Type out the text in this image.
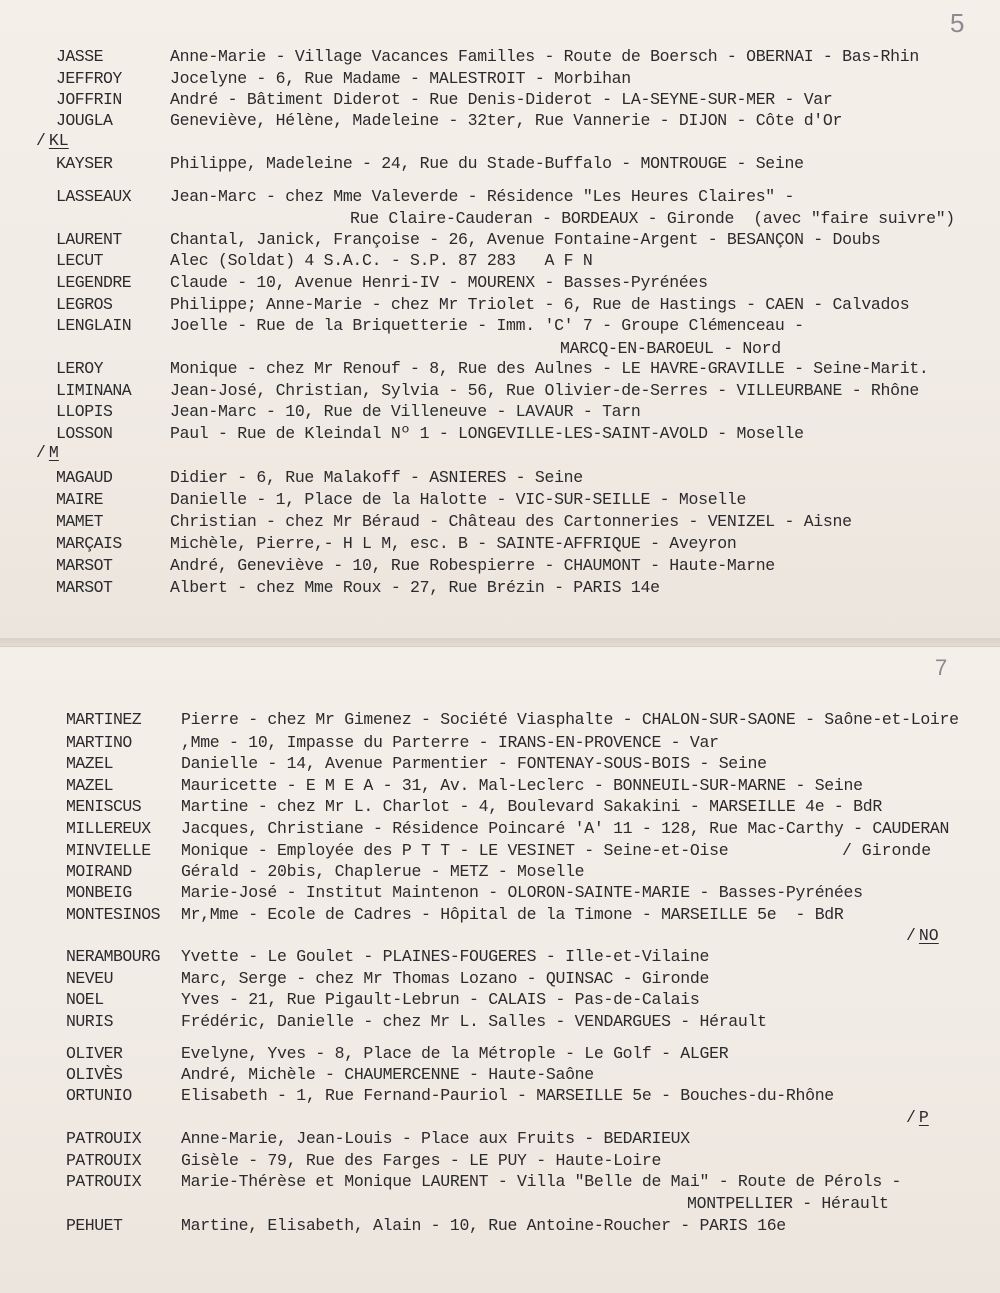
5
/ KL
/ M
JASSE	Anne-Marie - Village Vacances Familles - Route de Boersch - OBERNAI - Bas-Rhin
JEFFROY	Jocelyne - 6, Rue Madame - MALESTROIT - Morbihan
JOFFRIN	André - Bâtiment Diderot - Rue Denis-Diderot - LA-SEYNE-SUR-MER - Var
JOUGLA	Geneviève, Hélène, Madeleine - 32ter, Rue Vannerie - DIJON - Côte d'Or
KAYSER	Philippe, Madeleine - 24, Rue du Stade-Buffalo - MONTROUGE - Seine
LASSEAUX Jean-Marc - chez Mme Valeverde - Résidence "Les Heures Claires" -
Rue Claire-Cauderan - BORDEAUX - Gironde  (avec "faire suivre")
LAURENT	Chantal, Janick, Françoise - 26, Avenue Fontaine-Argent - BESANÇON - Doubs
LECUT	Alec (Soldat) 4 S.A.C. - S.P. 87 283   A F N
LEGENDRE Claude - 10, Avenue Henri-IV - MOURENX - Basses-Pyrénées
LEGROS	Philippe; Anne-Marie - chez Mr Triolet - 6, Rue de Hastings - CAEN - Calvados
LENGLAIN Joelle - Rue de la Briquetterie - Imm. 'C' 7 - Groupe Clémenceau -
MARCQ-EN-BAROEUL - Nord
LEROY	Monique - chez Mr Renouf - 8, Rue des Aulnes - LE HAVRE-GRAVILLE - Seine-Marit.
LIMINANA Jean-José, Christian, Sylvia - 56, Rue Olivier-de-Serres - VILLEURBANE - Rhône
LLOPIS	Jean-Marc - 10, Rue de Villeneuve - LAVAUR - Tarn
LOSSON	Paul - Rue de Kleindal Nº 1 - LONGEVILLE-LES-SAINT-AVOLD - Moselle
MAGAUD	Didier - 6, Rue Malakoff - ASNIERES - Seine
MAIRE	Danielle - 1, Place de la Halotte - VIC-SUR-SEILLE - Moselle
MAMET	Christian - chez Mr Béraud - Château des Cartonneries - VENIZEL - Aisne
MARÇAIS	Michèle, Pierre,- H L M, esc. B - SAINTE-AFFRIQUE - Aveyron
MARSOT	André, Geneviève - 10, Rue Robespierre - CHAUMONT - Haute-Marne
MARSOT	Albert - chez Mme Roux - 27, Rue Brézin - PARIS 14e
7
/ NO
/ P
/ Gironde
MARTINEZ Pierre - chez Mr Gimenez - Société Viasphalte - CHALON-SUR-SAONE - Saône-et-Loire
MARTINO	,Mme - 10, Impasse du Parterre - IRANS-EN-PROVENCE - Var
MAZEL	Danielle - 14, Avenue Parmentier - FONTENAY-SOUS-BOIS - Seine
MAZEL	Mauricette - E M E A - 31, Av. Mal-Leclerc - BONNEUIL-SUR-MARNE - Seine
MENISCUS Martine - chez Mr L. Charlot - 4, Boulevard Sakakini - MARSEILLE 4e - BdR
MILLEREUX Jacques, Christiane - Résidence Poincaré 'A' 11 - 128, Rue Mac-Carthy - CAUDERAN
MINVIELLE Monique - Employée des P T T - LE VESINET - Seine-et-Oise
MOIRAND	Gérald - 20bis, Chaplerue - METZ - Moselle
MONBEIG	Marie-José - Institut Maintenon - OLORON-SAINTE-MARIE - Basses-Pyrénées
MONTESINOS Mr,Mme - Ecole de Cadres - Hôpital de la Timone - MARSEILLE 5e  - BdR
NERAMBOURG Yvette - Le Goulet - PLAINES-FOUGERES - Ille-et-Vilaine
NEVEU	Marc, Serge - chez Mr Thomas Lozano - QUINSAC - Gironde
NOEL	Yves - 21, Rue Pigault-Lebrun - CALAIS - Pas-de-Calais
NURIS	Frédéric, Danielle - chez Mr L. Salles - VENDARGUES - Hérault
OLIVER	Evelyne, Yves - 8, Place de la Métrople - Le Golf - ALGER
OLIVÈS	André, Michèle - CHAUMERCENNE - Haute-Saône
ORTUNIO	Elisabeth - 1, Rue Fernand-Pauriol - MARSEILLE 5e - Bouches-du-Rhône
PATROUIX Anne-Marie, Jean-Louis - Place aux Fruits - BEDARIEUX
PATROUIX Gisèle - 79, Rue des Farges - LE PUY - Haute-Loire
PATROUIX Marie-Thérèse et Monique LAURENT - Villa "Belle de Mai" - Route de Pérols -
MONTPELLIER - Hérault
PEHUET	Martine, Elisabeth, Alain - 10, Rue Antoine-Roucher - PARIS 16e
